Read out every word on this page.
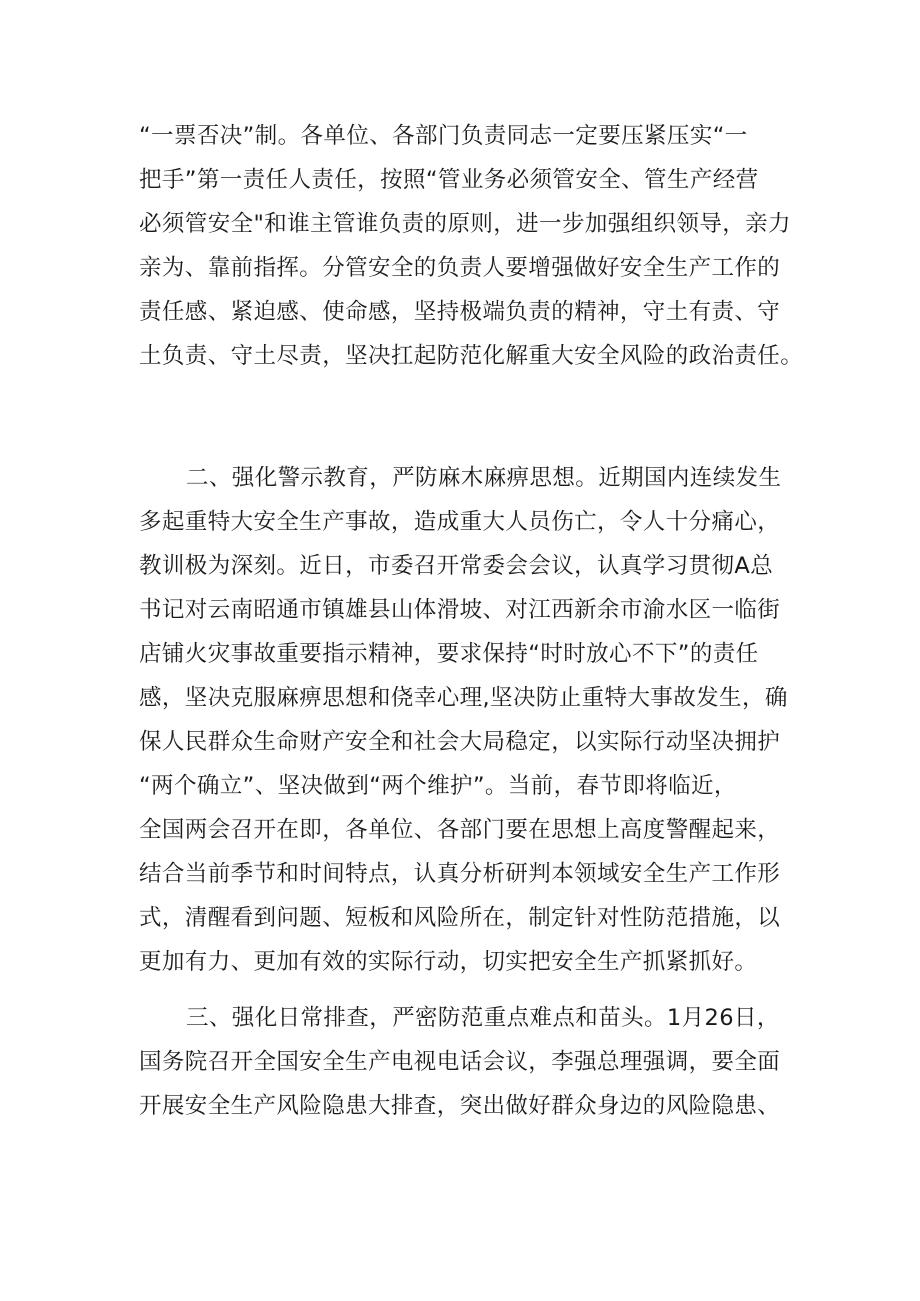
“一票否决”制。各单位、各部门负责同志一定要压紧压实“一
把手”第一责任人责任，按照“管业务必须管安全、管生产经营
必须管安全"和谁主管谁负责的原则，进一步加强组织领导，亲力
亲为、靠前指挥。分管安全的负责人要增强做好安全生产工作的
责任感、紧迫感、使命感，坚持极端负责的精神，守土有责、守
土负责、守土尽责，坚决扛起防范化解重大安全风险的政治责任。
二、强化警示教育，严防麻木麻痹思想。近期国内连续发生
多起重特大安全生产事故，造成重大人员伤亡，令人十分痛心，
教训极为深刻。近日，市委召开常委会会议，认真学习贯彻A总
书记对云南昭通市镇雄县山体滑坡、对江西新余市渝水区一临街
店铺火灾事故重要指示精神，要求保持“时时放心不下”的责任
感，坚决克服麻痹思想和侥幸心理,坚决防止重特大事故发生，确
保人民群众生命财产安全和社会大局稳定，以实际行动坚决拥护
“两个确立”、坚决做到“两个维护”。当前，春节即将临近，
全国两会召开在即，各单位、各部门要在思想上高度警醒起来，
结合当前季节和时间特点，认真分析研判本领域安全生产工作形
式，清醒看到问题、短板和风险所在，制定针对性防范措施，以
更加有力、更加有效的实际行动，切实把安全生产抓紧抓好。
三、强化日常排查，严密防范重点难点和苗头。1月26日，
国务院召开全国安全生产电视电话会议，李强总理强调，要全面
开展安全生产风险隐患大排查，突出做好群众身边的风险隐患、
